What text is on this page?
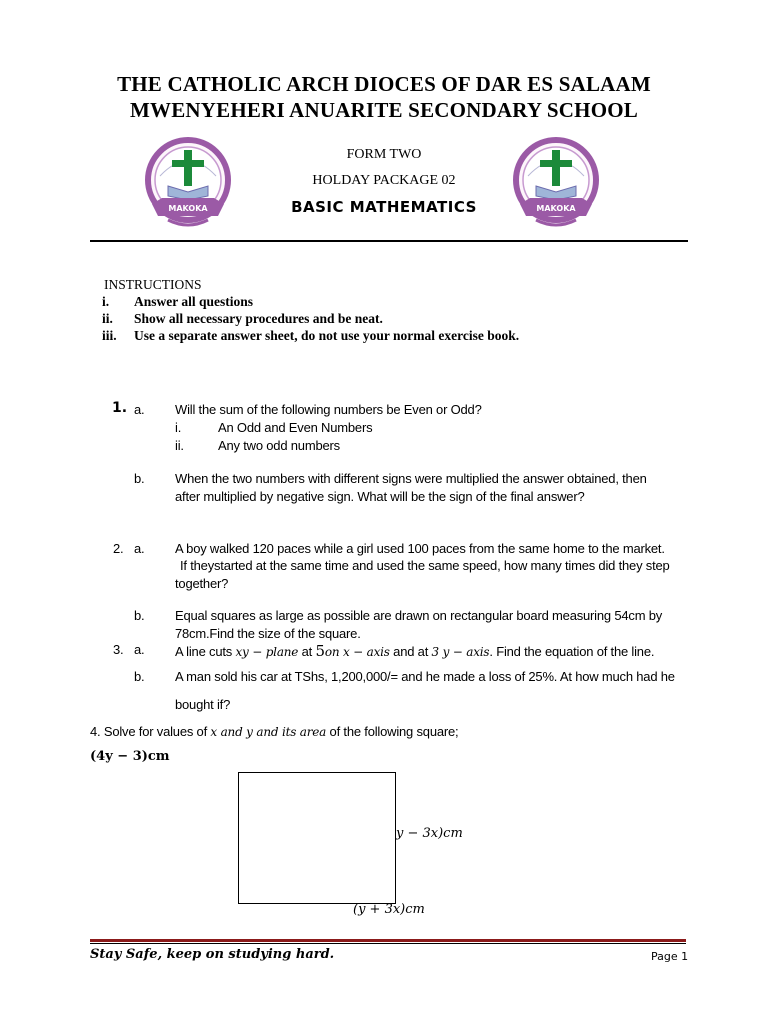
THE CATHOLIC ARCH DIOCES OF DAR ES SALAAM
MWENYEHERI ANUARITE SECONDARY SCHOOL
MAKOKA	MAKOKA
FORM TWO
HOLDAY PACKAGE 02
BASIC MATHEMATICS
INSTRUCTIONS
i. Answer all questions
ii. Show all necessary procedures and be neat.
iii. Use a separate answer sheet, do not use your normal exercise book.
1. a. Will the sum of the following numbers be Even or Odd?
i.	An Odd and Even Numbers
ii.	Any two odd numbers
b. When the two numbers with different signs were multiplied the answer obtained, then
after multiplied by negative sign. What will be the sign of the final answer?
2. a. A boy walked 120 paces while a girl used 100 paces from the same home to the market.
If theystarted at the same time and used the same speed, how many times did they step
together?
b. Equal squares as large as possible are drawn on rectangular board measuring 54cm by
78cm.Find the size of the square.
3. a. A line cuts xy − plane at 5on x − axis and at 3 y − axis. Find the equation of the line.
b. A man sold his car at TShs, 1,200,000/= and he made a loss of 25%. At how much had he
bought if?
4. Solve for values of x and y and its area of the following square;
(4y − 3)cm
y − 3x)cm
(y + 3x)cm
Stay Safe, keep on studying hard.	Page 1
